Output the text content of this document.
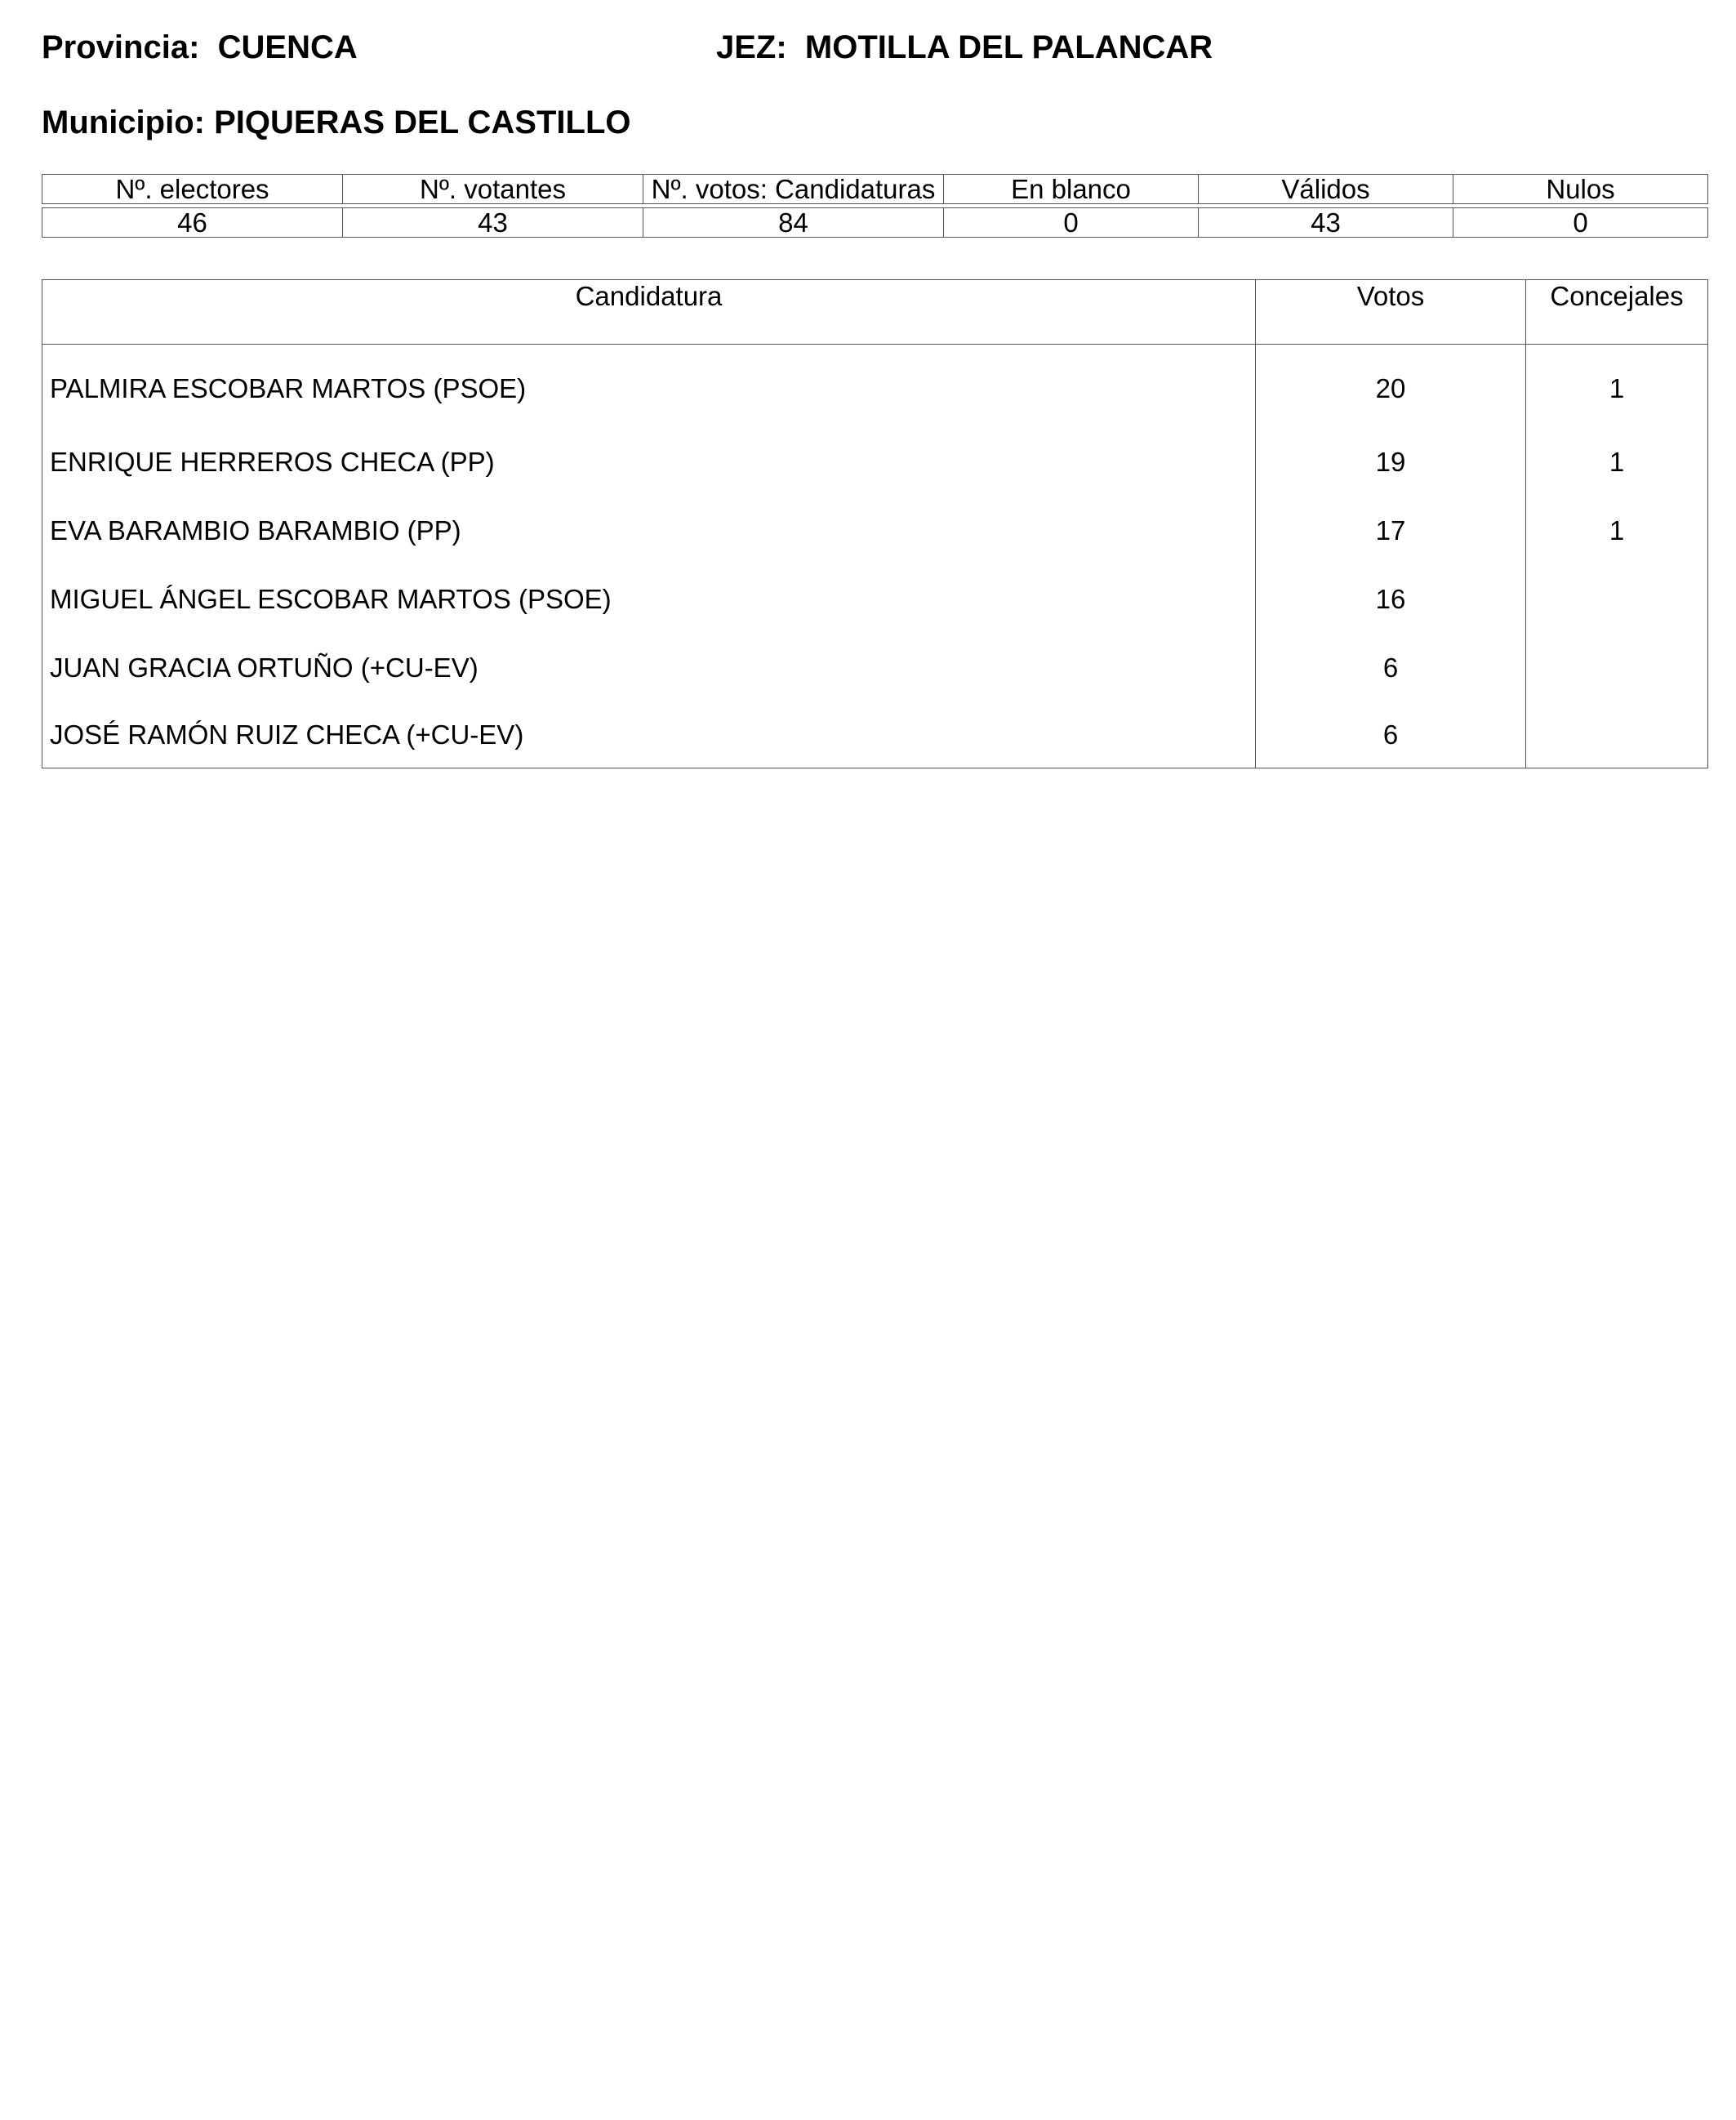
Provincia: CUENCA	JEZ: MOTILLA DEL PALANCAR
Municipio: PIQUERAS DEL CASTILLO
Nº. electores	Nº. votantes	Nº. votos: Candidaturas	En blanco	Válidos	Nulos

46	43	84	0	43	0
Candidatura	Votos	Concejales
PALMIRA ESCOBAR MARTOS (PSOE)	20	1
ENRIQUE HERREROS CHECA (PP)	19	1
EVA BARAMBIO BARAMBIO (PP)	17	1
MIGUEL ÁNGEL ESCOBAR MARTOS (PSOE)	16	
JUAN GRACIA ORTUÑO (+CU-EV)	6	
JOSÉ RAMÓN RUIZ CHECA (+CU-EV)	6	
